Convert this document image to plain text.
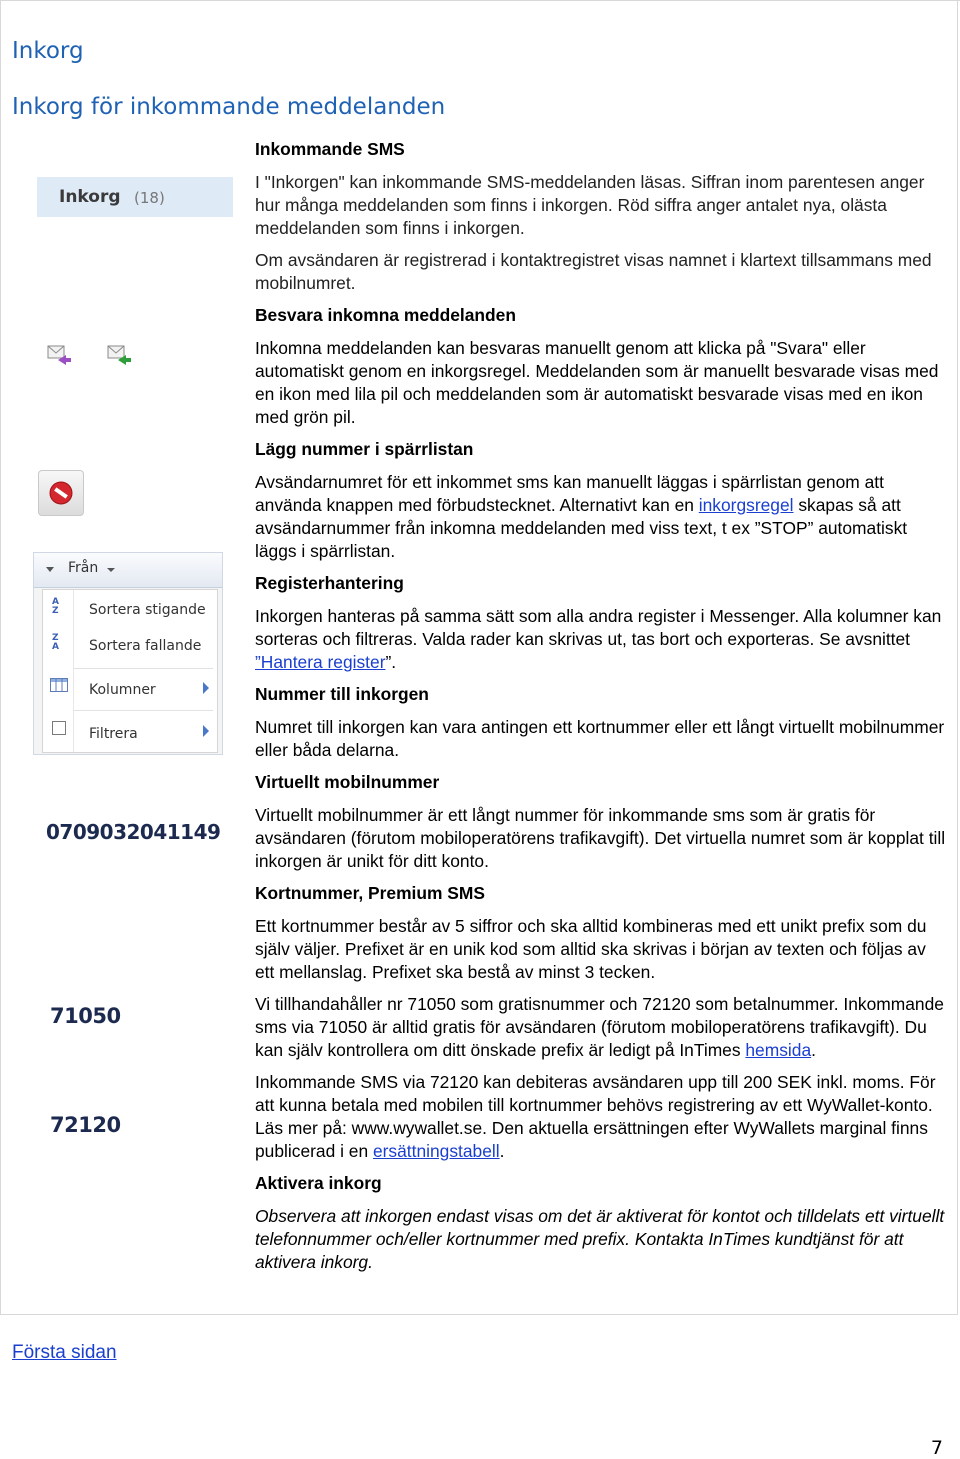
Inkorg
Inkorg för inkommande meddelanden
Inkorg (18)
Från
A
Z Sortera stigande
Z
A Sortera fallande
Kolumner
Filtrera
0709032041149
71050
72120
Inkommande SMS

I "Inkorgen" kan inkommande SMS-meddelanden läsas. Siffran inom parentesen anger hur många meddelanden som finns i inkorgen. Röd siffra anger antalet nya, olästa meddelanden som finns i inkorgen.

Om avsändaren är registrerad i kontaktregistret visas namnet i klartext tillsammans med mobilnumret.

Besvara inkomna meddelanden

Inkomna meddelanden kan besvaras manuellt genom att klicka på "Svara" eller automatiskt genom en inkorgsregel. Meddelanden som är manuellt besvarade visas med en ikon med lila pil och meddelanden som är automatiskt besvarade visas med en ikon med grön pil.

Lägg nummer i spärrlistan

Avsändarnumret för ett inkommet sms kan manuellt läggas i spärrlistan genom att använda knappen med förbudstecknet. Alternativt kan en inkorgsregel skapas så att avsändarnummer från inkomna meddelanden med viss text, t ex ”STOP” automatiskt läggs i spärrlistan.

Registerhantering

Inkorgen hanteras på samma sätt som alla andra register i Messenger. Alla kolumner kan sorteras och filtreras. Valda rader kan skrivas ut, tas bort och exporteras. Se avsnittet ”Hantera register”.

Nummer till inkorgen

Numret till inkorgen kan vara antingen ett kortnummer eller ett långt virtuellt mobilnummer eller båda delarna.

Virtuellt mobilnummer

Virtuellt mobilnummer är ett långt nummer för inkommande sms som är gratis för avsändaren (förutom mobiloperatörens trafikavgift). Det virtuella numret som är kopplat till inkorgen är unikt för ditt konto.

Kortnummer, Premium SMS

Ett kortnummer består av 5 siffror och ska alltid kombineras med ett unikt prefix som du själv väljer. Prefixet är en unik kod som alltid ska skrivas i början av texten och följas av ett mellanslag. Prefixet ska bestå av minst 3 tecken.

Vi tillhandahåller nr 71050 som gratisnummer och 72120 som betalnummer. Inkommande sms via 71050 är alltid gratis för avsändaren (förutom mobiloperatörens trafikavgift). Du kan själv kontrollera om ditt önskade prefix är ledigt på InTimes hemsida.

Inkommande SMS via 72120 kan debiteras avsändaren upp till 200 SEK inkl. moms. För att kunna betala med mobilen till kortnummer behövs registrering av ett WyWallet-konto. Läs mer på: www.wywallet.se. Den aktuella ersättningen efter WyWallets marginal finns publicerad i en ersättningstabell.

Aktivera inkorg

Observera att inkorgen endast visas om det är aktiverat för kontot och tilldelats ett virtuellt telefonnummer och/eller kortnummer med prefix. Kontakta InTimes kundtjänst för att aktivera inkorg.

Första sidan
7
